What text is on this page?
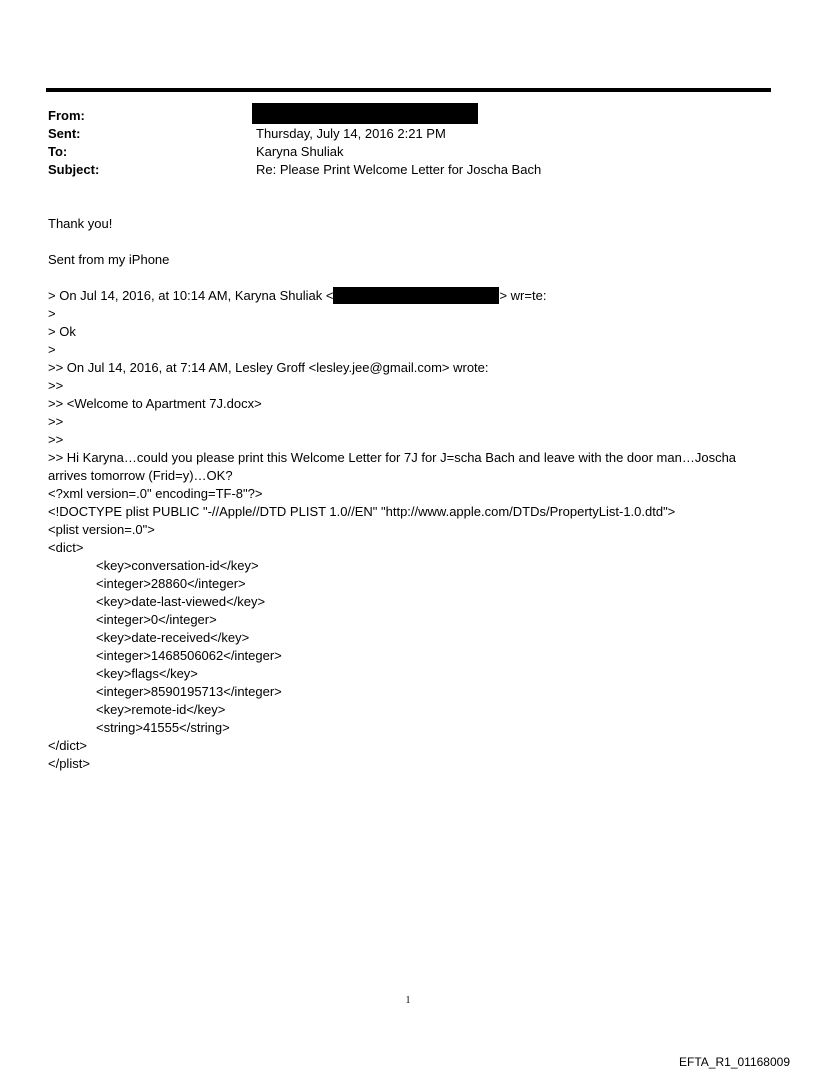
From:
Sent:	Thursday, July 14, 2016 2:21 PM
To:	Karyna Shuliak
Subject:	Re: Please Print Welcome Letter for Joscha Bach
Thank you!
Sent from my iPhone
> On Jul 14, 2016, at 10:14 AM, Karyna Shuliak <	> wr=te:
>
> Ok
>
>> On Jul 14, 2016, at 7:14 AM, Lesley Groff <lesley.jee@gmail.com> wrote:
>>
>> <Welcome to Apartment 7J.docx>
>>
>>
>> Hi Karyna…could you please print this Welcome Letter for 7J for J=scha Bach and leave with the door man…Joscha arrives tomorrow (Frid=y)…OK?
<?xml version=.0" encoding=TF-8"?>
<!DOCTYPE plist PUBLIC "-//Apple//DTD PLIST 1.0//EN" "http://www.apple.com/DTDs/PropertyList-1.0.dtd">
<plist version=.0">
<dict>
<key>conversation-id</key>
<integer>28860</integer>
<key>date-last-viewed</key>
<integer>0</integer>
<key>date-received</key>
<integer>1468506062</integer>
<key>flags</key>
<integer>8590195713</integer>
<key>remote-id</key>
<string>41555</string>
</dict>
</plist>
1
EFTA_R1_01168009
